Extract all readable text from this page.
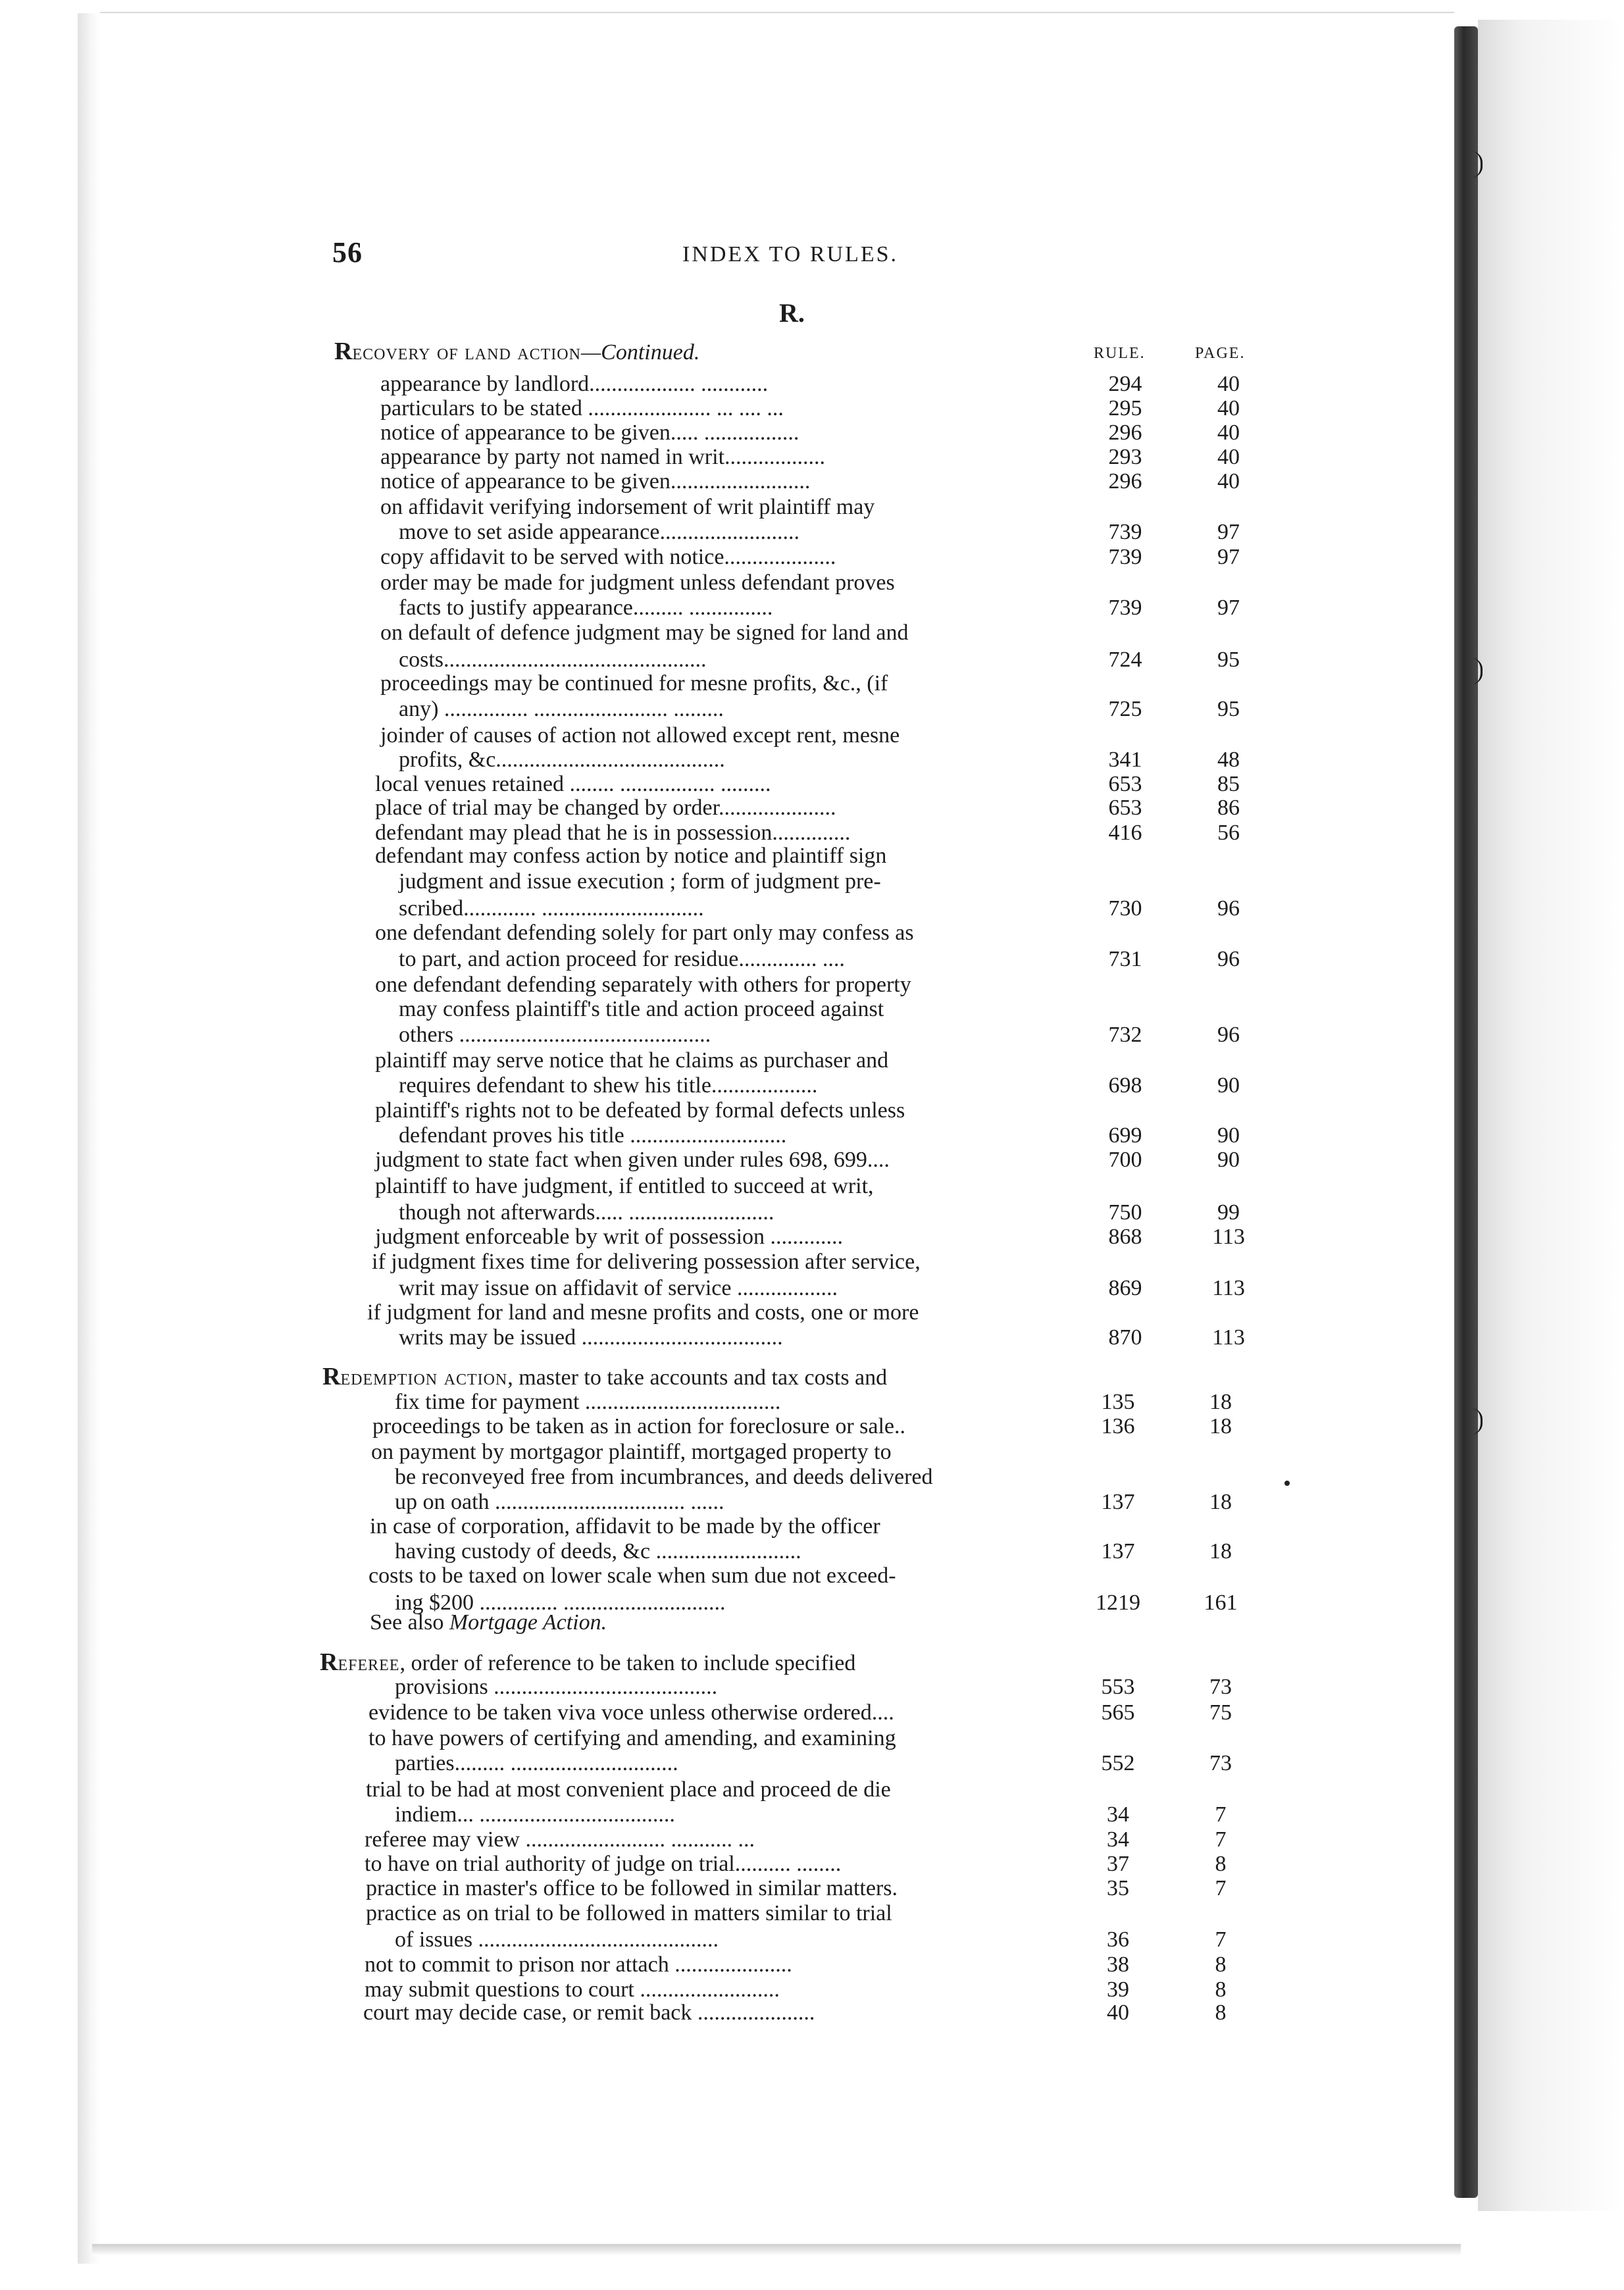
56	INDEX TO RULES.
R.
RULE.	PAGE.
Recovery of land action—Continued.
appearance by landlord................... ............	294	40
particulars to be stated ...................... ... .... ...	295	40
notice of appearance to be given..... .................	296	40
appearance by party not named in writ..................	293	40
notice of appearance to be given.........................	296	40
on affidavit verifying indorsement of writ plaintiff may
move to set aside appearance.........................	739	97
copy affidavit to be served with notice....................	739	97
order may be made for judgment unless defendant proves
facts to justify appearance......... ...............	739	97
on default of defence judgment may be signed for land and
costs...............................................	724	95
proceedings may be continued for mesne profits, &c., (if
any) ............... ........................ .........	725	95
joinder of causes of action not allowed except rent, mesne
profits, &c.........................................	341	48
local venues retained ........ ................. .........	653	85
place of trial may be changed by order.....................	653	86
defendant may plead that he is in possession..............	416	56
defendant may confess action by notice and plaintiff sign
judgment and issue execution ; form of judgment pre-
scribed............. .............................	730	96
one defendant defending solely for part only may confess as
to part, and action proceed for residue.............. ....	731	96
one defendant defending separately with others for property
may confess plaintiff's title and action proceed against
others .............................................	732	96
plaintiff may serve notice that he claims as purchaser and
requires defendant to shew his title...................	698	90
plaintiff's rights not to be defeated by formal defects unless
defendant proves his title ............................	699	90
judgment to state fact when given under rules 698, 699....	700	90
plaintiff to have judgment, if entitled to succeed at writ,
though not afterwards..... ..........................	750	99
judgment enforceable by writ of possession .............	868	113
if judgment fixes time for delivering possession after service,
writ may issue on affidavit of service ..................	869	113
if judgment for land and mesne profits and costs, one or more
writs may be issued ....................................	870	113
Redemption action, master to take accounts and tax costs and
fix time for payment ...................................	135	18
proceedings to be taken as in action for foreclosure or sale..	136	18
on payment by mortgagor plaintiff, mortgaged property to
be reconveyed free from incumbrances, and deeds delivered
up on oath .................................. ......	137	18
in case of corporation, affidavit to be made by the officer
having custody of deeds, &c ..........................	137	18
costs to be taxed on lower scale when sum due not exceed-
ing $200 .............. .............................	1219	161
See also Mortgage Action.
Referee, order of reference to be taken to include specified
provisions ........................................	553	73
evidence to be taken viva voce unless otherwise ordered....	565	75
to have powers of certifying and amending, and examining
parties......... ..............................	552	73
trial to be had at most convenient place and proceed de die
indiem... ...................................	34	7
referee may view ......................... ........... ...	34	7
to have on trial authority of judge on trial.......... ........	37	8
practice in master's office to be followed in similar matters.	35	7
practice as on trial to be followed in matters similar to trial
of issues ...........................................	36	7
not to commit to prison nor attach .....................	38	8
may submit questions to court .........................	39	8
court may decide case, or remit back .....................	40	8
